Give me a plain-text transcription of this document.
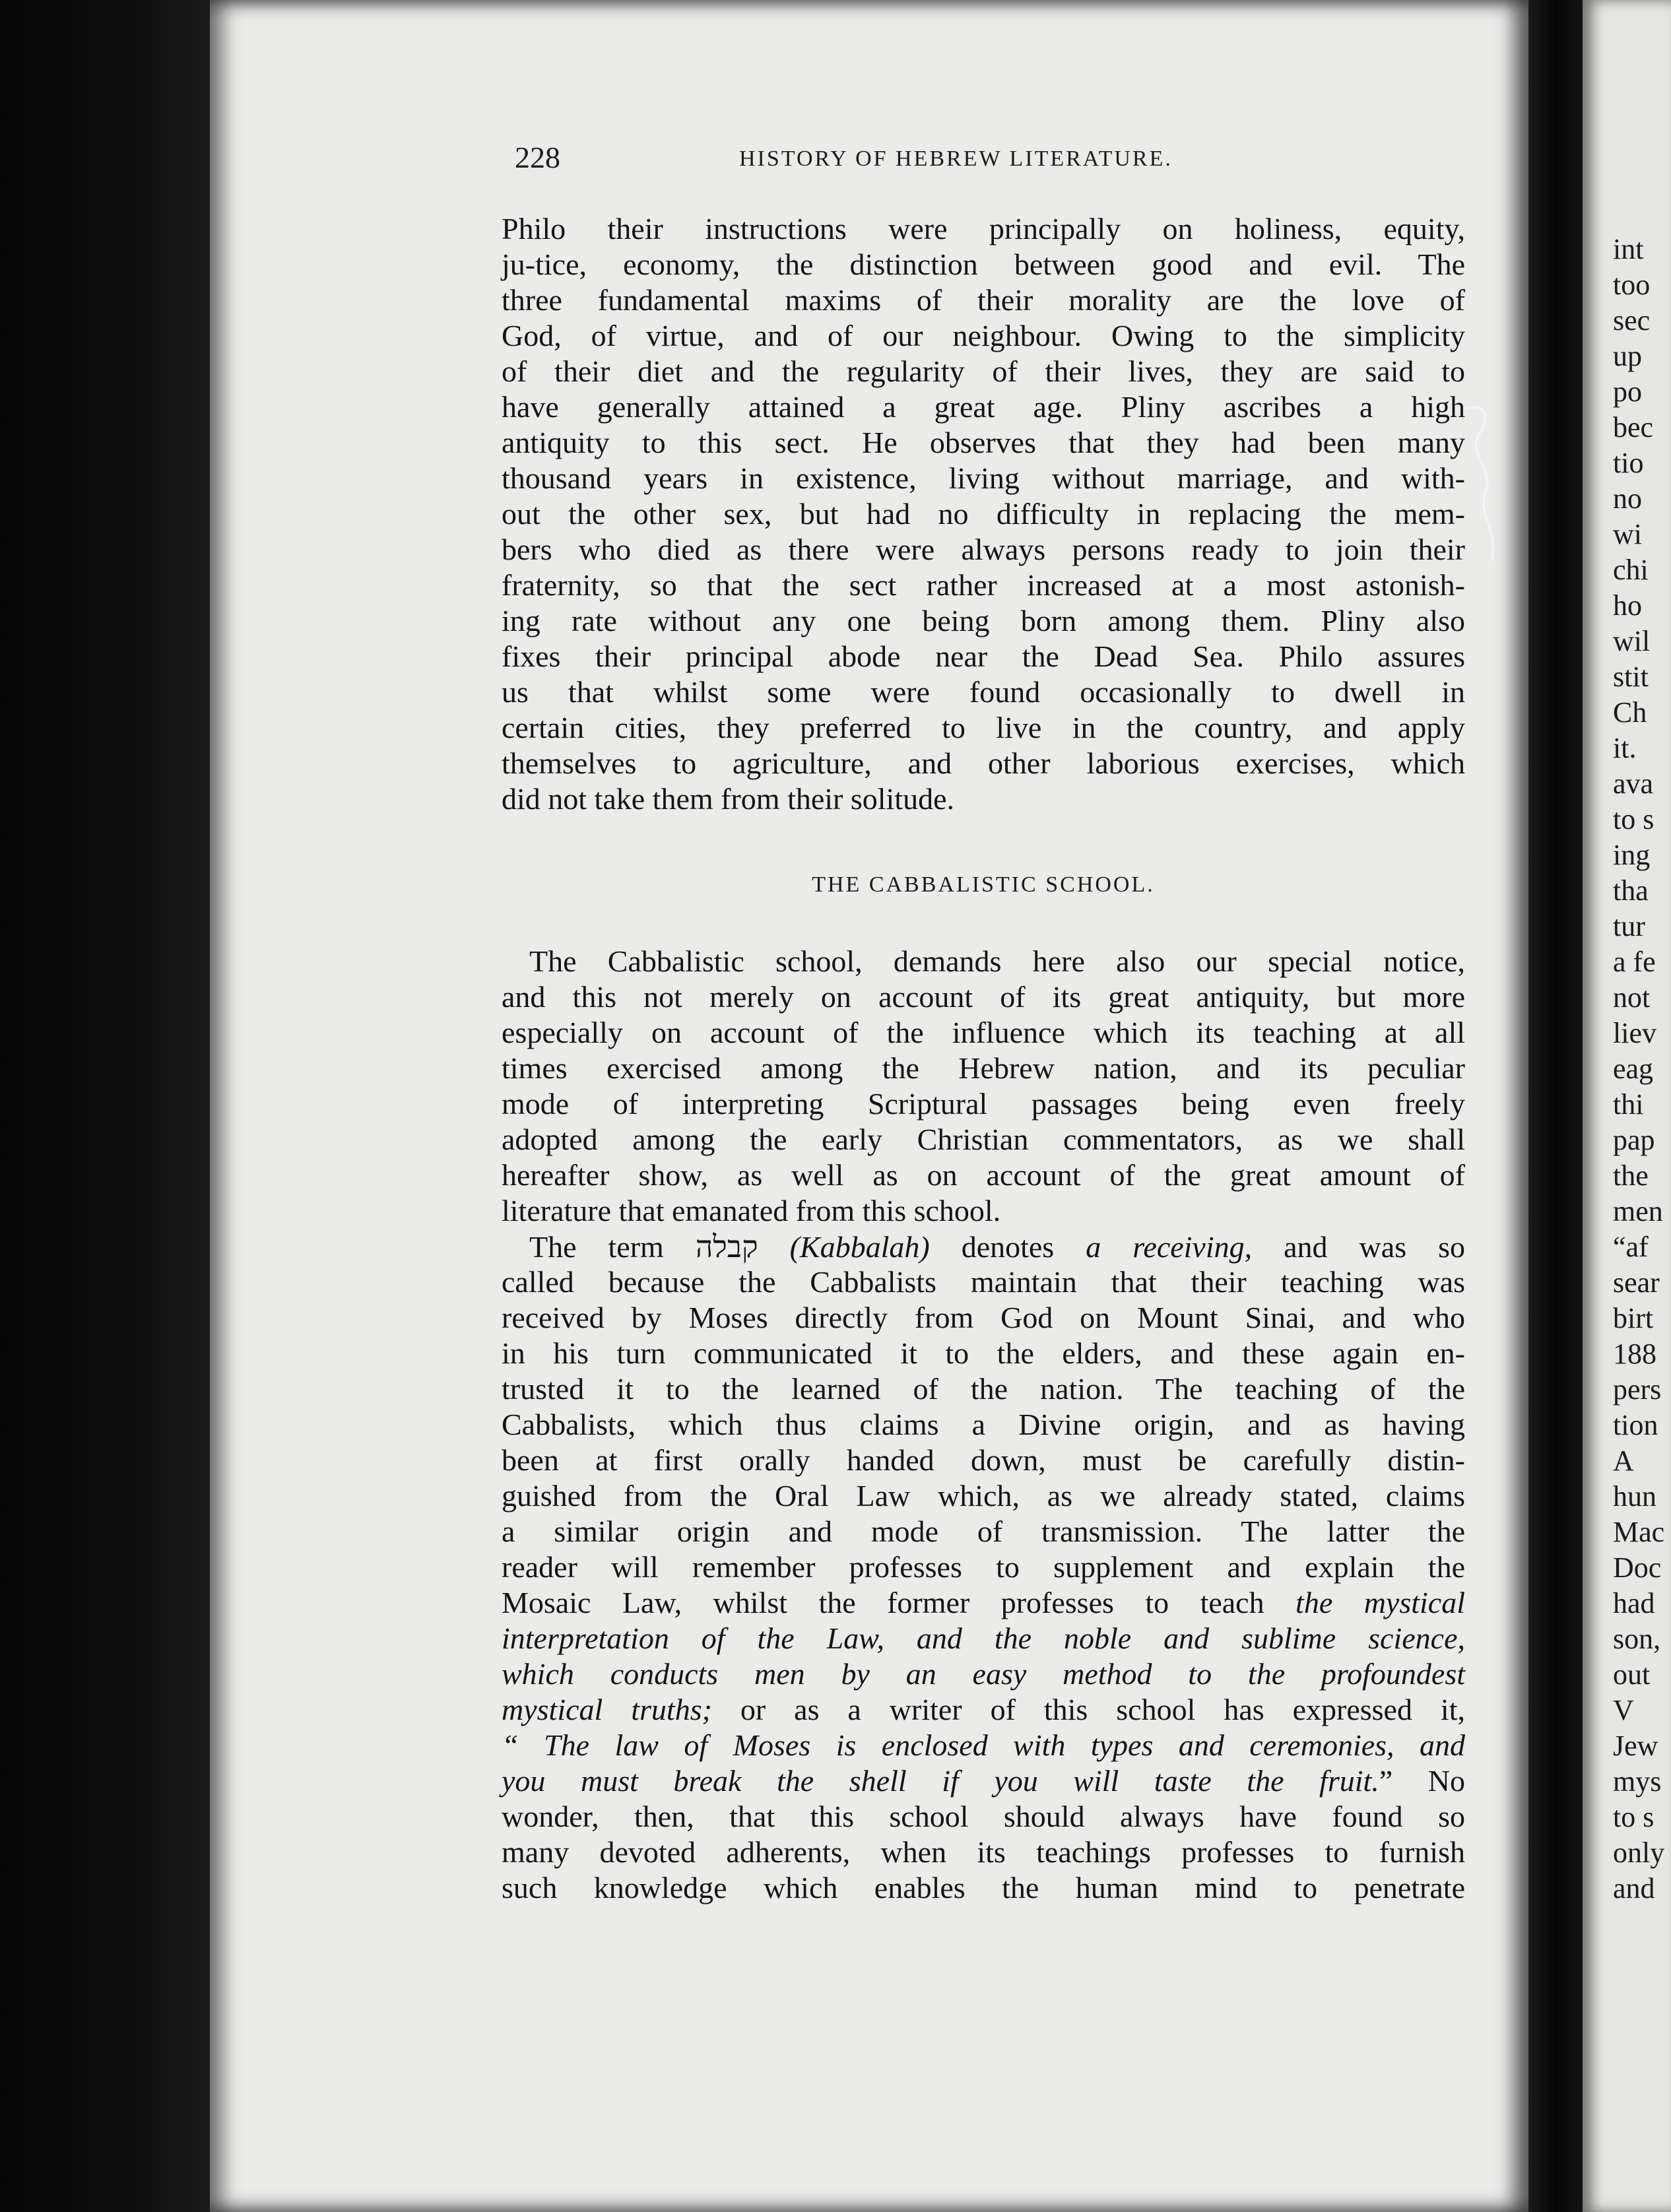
int
too
sec
up
po
bec
tio
no
wi
chi
ho
wil
stit
Ch
it.
ava
to s
ing
tha
tur
a fe
not
liev
eag
thi
pap
the
men
“af
sear
birt
188
pers
tion
A
hun
Mac
Doc
had
son,
out
V
Jew
mys
to s
only
and
228	HISTORY OF HEBREW LITERATURE.
Philo their instructions were principally on holiness, equity,
ju-tice, economy, the distinction between good and evil. The
three fundamental maxims of their morality are the love of
God, of virtue, and of our neighbour. Owing to the simplicity
of their diet and the regularity of their lives, they are said to
have generally attained a great age. Pliny ascribes a high
antiquity to this sect. He observes that they had been many
thousand years in existence, living without marriage, and with-
out the other sex, but had no difficulty in replacing the mem-
bers who died as there were always persons ready to join their
fraternity, so that the sect rather increased at a most astonish-
ing rate without any one being born among them. Pliny also
fixes their principal abode near the Dead Sea. Philo assures
us that whilst some were found occasionally to dwell in
certain cities, they preferred to live in the country, and apply
themselves to agriculture, and other laborious exercises, which
did not take them from their solitude.
THE CABBALISTIC SCHOOL.
The Cabbalistic school, demands here also our special notice,
and this not merely on account of its great antiquity, but more
especially on account of the influence which its teaching at all
times exercised among the Hebrew nation, and its peculiar
mode of interpreting Scriptural passages being even freely
adopted among the early Christian commentators, as we shall
hereafter show, as well as on account of the great amount of
literature that emanated from this school.
The term קבלה (Kabbalah) denotes a receiving, and was so
called because the Cabbalists maintain that their teaching was
received by Moses directly from God on Mount Sinai, and who
in his turn communicated it to the elders, and these again en-
trusted it to the learned of the nation. The teaching of the
Cabbalists, which thus claims a Divine origin, and as having
been at first orally handed down, must be carefully distin-
guished from the Oral Law which, as we already stated, claims
a similar origin and mode of transmission. The latter the
reader will remember professes to supplement and explain the
Mosaic Law, whilst the former professes to teach the mystical
interpretation of the Law, and the noble and sublime science,
which conducts men by an easy method to the profoundest
mystical truths; or as a writer of this school has expressed it,
“ The law of Moses is enclosed with types and ceremonies, and
you must break the shell if you will taste the fruit.” No
wonder, then, that this school should always have found so
many devoted adherents, when its teachings professes to furnish
such knowledge which enables the human mind to penetrate
